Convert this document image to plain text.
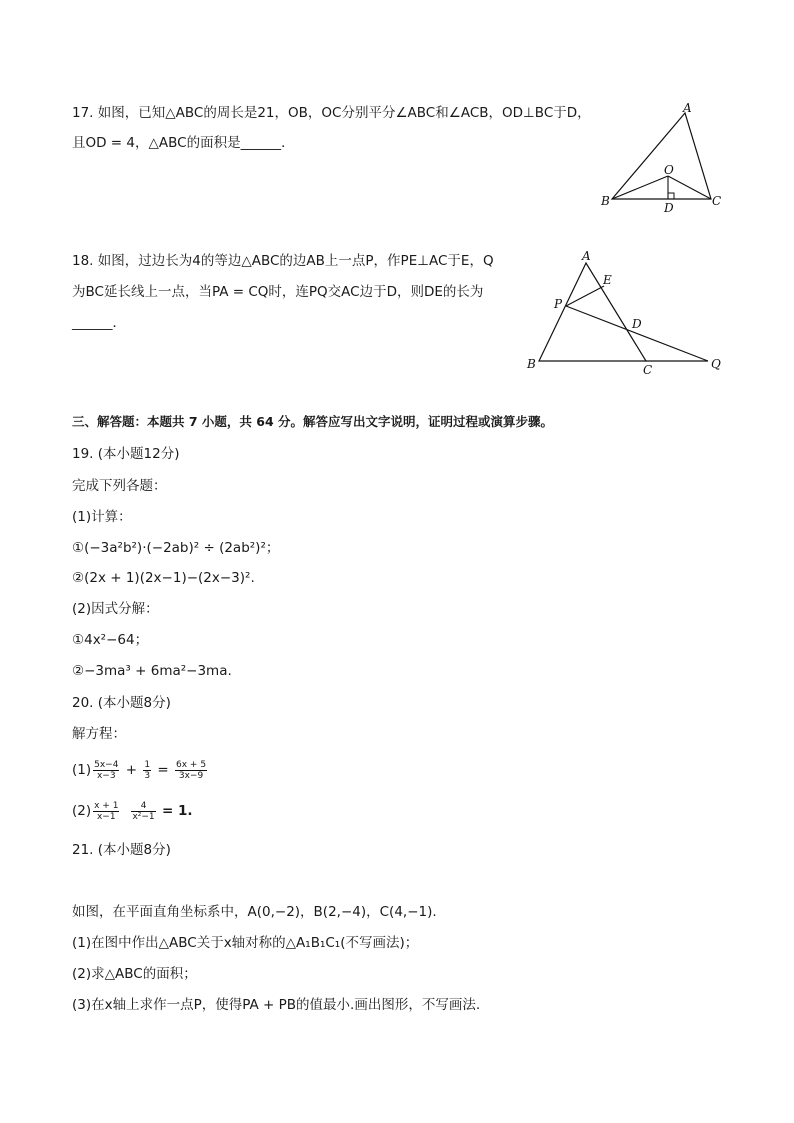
17. 如图，已知△ABC的周长是21，OB，OC分别平分∠ABC和∠ACB，OD⊥BC于D，
且OD = 4，△ABC的面积是______．
A
B	C
O
D
18. 如图，过边长为4的等边△ABC的边AB上一点P，作PE⊥AC于E，Q
为BC延长线上一点，当PA = CQ时，连PQ交AC边于D，则DE的长为
______．
A
E
P
D
B	C	Q
三、解答题：本题共 7 小题，共 64 分。解答应写出文字说明，证明过程或演算步骤。
19. (本小题12分)
完成下列各题：
(1)计算：
①(−3a²b²)·(−2ab)² ÷ (2ab²)²；
②(2x + 1)(2x−1)−(2x−3)².
(2)因式分解：
①4x²−64；
②−3ma³ + 6ma²−3ma.
20. (本小题8分)
解方程：
$(1) \frac{5x-4}{x-3} + \frac{1}{3} = \frac{6x + 5}{3x-9}$
$(2) \frac{x + 1}{x-1} \frac{4}{\text{x²−1}} = 1$.
21. (本小题8分)
如图，在平面直角坐标系中，A(0,−2)，B(2,−4)，C(4,−1).
(1)在图中作出△ABC关于x轴对称的△A₁B₁C₁(不写画法)；
(2)求△ABC的面积；
(3)在x轴上求作一点P，使得PA + PB的值最小.画出图形，不写画法.
